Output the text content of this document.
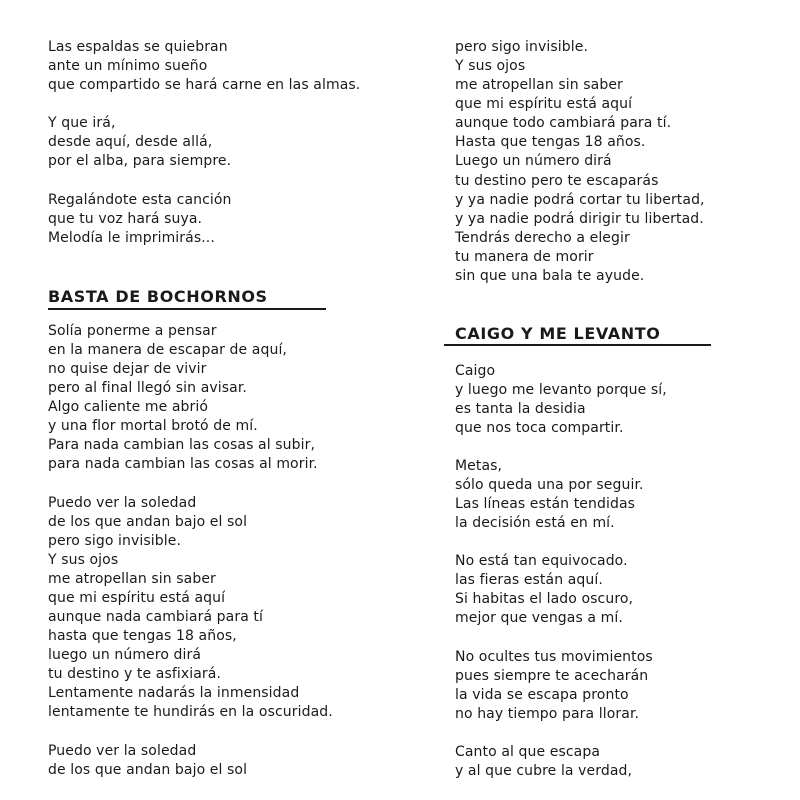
Las espaldas se quiebran
ante un mínimo sueño
que compartido se hará carne en las almas.
Y que irá,
desde aquí, desde allá,
por el alba, para siempre.
Regalándote esta canción
que tu voz hará suya.
Melodía le imprimirás...
BASTA DE BOCHORNOS
Solía ponerme a pensar
en la manera de escapar de aquí,
no quise dejar de vivir
pero al final llegó sin avisar.
Algo caliente me abrió
y una flor mortal brotó de mí.
Para nada cambian las cosas al subir,
para nada cambian las cosas al morir.
Puedo ver la soledad
de los que andan bajo el sol
pero sigo invisible.
Y sus ojos
me atropellan sin saber
que mi espíritu está aquí
aunque nada cambiará para tí
hasta que tengas 18 años,
luego un número dirá
tu destino y te asfixiará.
Lentamente nadarás la inmensidad
lentamente te hundirás en la oscuridad.
Puedo ver la soledad
de los que andan bajo el sol
pero sigo invisible.
Y sus ojos
me atropellan sin saber
que mi espíritu está aquí
aunque todo cambiará para tí.
Hasta que tengas 18 años.
Luego un número dirá
tu destino pero te escaparás
y ya nadie podrá cortar tu libertad,
y ya nadie podrá dirigir tu libertad.
Tendrás derecho a elegir
tu manera de morir
sin que una bala te ayude.
CAIGO Y ME LEVANTO
Caigo
y luego me levanto porque sí,
es tanta la desidia
que nos toca compartir.
Metas,
sólo queda una por seguir.
Las líneas están tendidas
la decisión está en mí.
No está tan equivocado.
las fieras están aquí.
Si habitas el lado oscuro,
mejor que vengas a mí.
No ocultes tus movimientos
pues siempre te acecharán
la vida se escapa pronto
no hay tiempo para llorar.
Canto al que escapa
y al que cubre la verdad,
